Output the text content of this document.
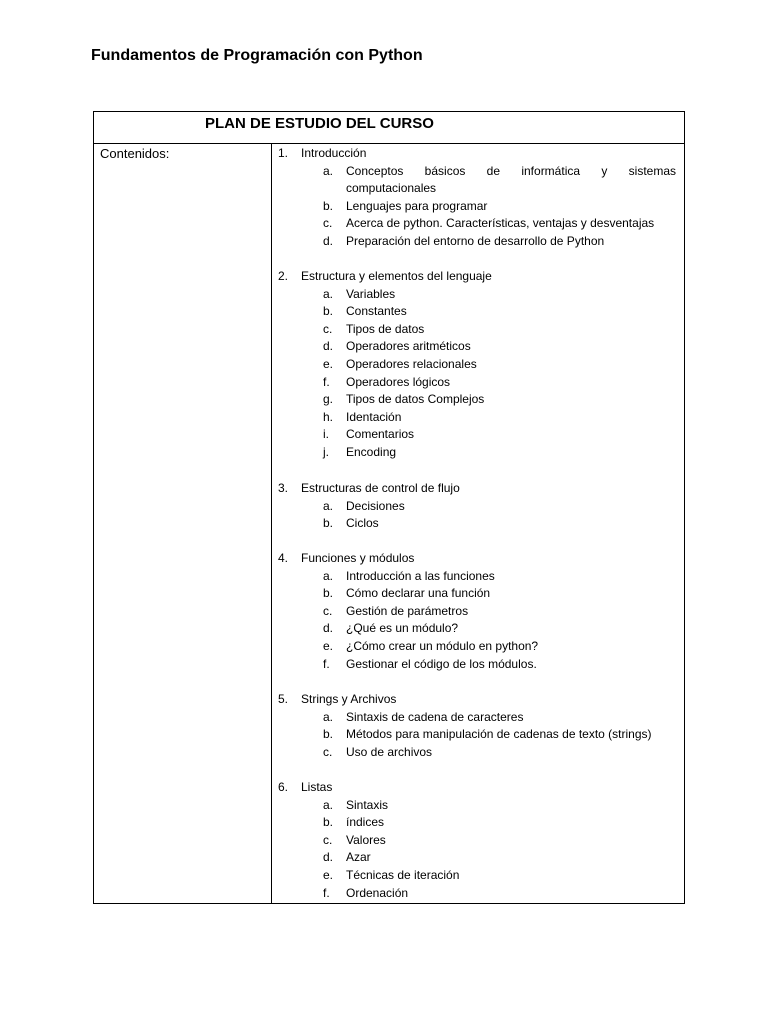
Fundamentos de Programación con Python
PLAN DE ESTUDIO DEL CURSO
Contenidos:	1. Introducción
a. Conceptos básicos de informática y sistemas computacionales
b. Lenguajes para programar
c. Acerca de python. Características, ventajas y desventajas
d. Preparación del entorno de desarrollo de Python
2. Estructura y elementos del lenguaje
a. Variables
b. Constantes
c. Tipos de datos
d. Operadores aritméticos
e. Operadores relacionales
f. Operadores lógicos
g. Tipos de datos Complejos
h. Identación
i. Comentarios
j. Encoding
3. Estructuras de control de flujo
a. Decisiones
b. Ciclos
4. Funciones y módulos
a. Introducción a las funciones
b. Cómo declarar una función
c. Gestión de parámetros
d. ¿Qué es un módulo?
e. ¿Cómo crear un módulo en python?
f. Gestionar el código de los módulos.
5. Strings y Archivos
a. Sintaxis de cadena de caracteres
b. Métodos para manipulación de cadenas de texto (strings)
c. Uso de archivos
6. Listas
a. Sintaxis
b. índices
c. Valores
d. Azar
e. Técnicas de iteración
f. Ordenación
